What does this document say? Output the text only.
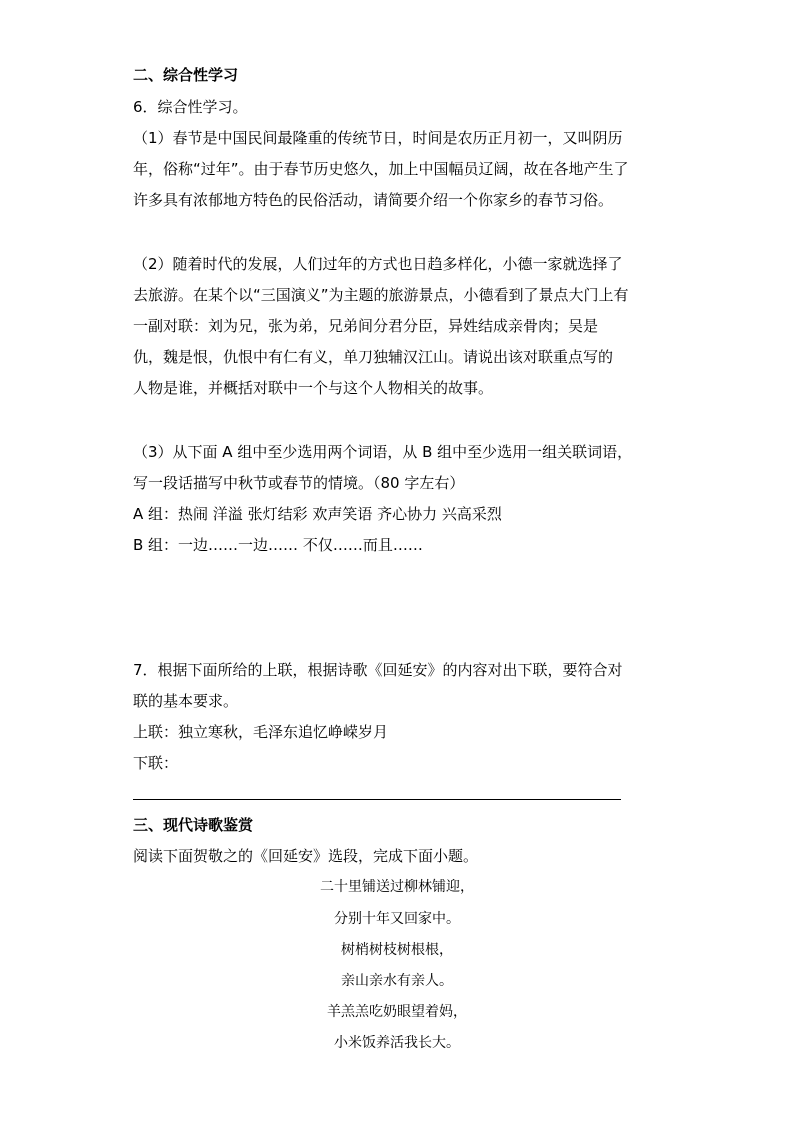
二、综合性学习
6．综合性学习。
（1）春节是中国民间最隆重的传统节日，时间是农历正月初一，又叫阴历
年，俗称“过年”。由于春节历史悠久，加上中国幅员辽阔，故在各地产生了
许多具有浓郁地方特色的民俗活动，请简要介绍一个你家乡的春节习俗。
（2）随着时代的发展，人们过年的方式也日趋多样化，小德一家就选择了
去旅游。在某个以“三国演义”为主题的旅游景点，小德看到了景点大门上有
一副对联：刘为兄，张为弟，兄弟间分君分臣，异姓结成亲骨肉；吴是
仇，魏是恨，仇恨中有仁有义，单刀独辅汉江山。请说出该对联重点写的
人物是谁，并概括对联中一个与这个人物相关的故事。
（3）从下面 A 组中至少选用两个词语，从 B 组中至少选用一组关联词语，
写一段话描写中秋节或春节的情境。（80 字左右）
A 组：热闹 洋溢 张灯结彩 欢声笑语 齐心协力 兴高采烈
B 组：一边……一边…… 不仅……而且……
7．根据下面所给的上联，根据诗歌《回延安》的内容对出下联，要符合对
联的基本要求。
上联：独立寒秋，毛泽东追忆峥嵘岁月
下联：
三、现代诗歌鉴赏
阅读下面贺敬之的《回延安》选段，完成下面小题。
二十里铺送过柳林铺迎，
分别十年又回家中。
树梢树枝树根根，
亲山亲水有亲人。
羊羔羔吃奶眼望着妈，
小米饭养活我长大。
